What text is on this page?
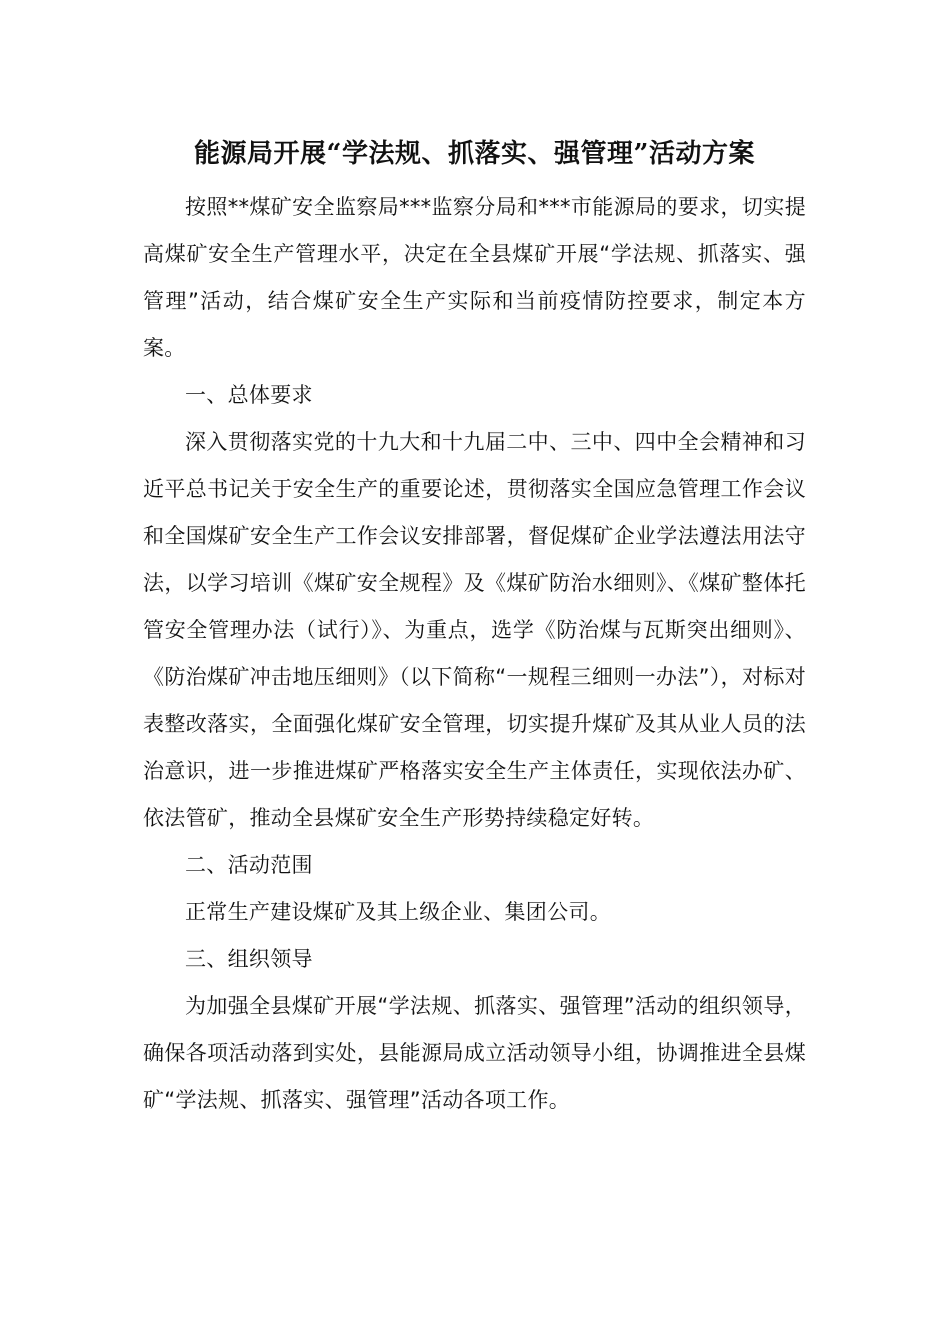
能源局开展“学法规、抓落实、强管理”活动方案

按照**煤矿安全监察局***监察分局和***市能源局的要求，切实提高煤矿安全生产管理水平，决定在全县煤矿开展“学法规、抓落实、强管理”活动，结合煤矿安全生产实际和当前疫情防控要求，制定本方案。

一、总体要求

深入贯彻落实党的十九大和十九届二中、三中、四中全会精神和习近平总书记关于安全生产的重要论述，贯彻落实全国应急管理工作会议和全国煤矿安全生产工作会议安排部署，督促煤矿企业学法遵法用法守法，以学习培训《煤矿安全规程》及《煤矿防治水细则》、《煤矿整体托管安全管理办法（试行）》、为重点，选学《防治煤与瓦斯突出细则》、《防治煤矿冲击地压细则》（以下简称“一规程三细则一办法”），对标对表整改落实，全面强化煤矿安全管理，切实提升煤矿及其从业人员的法治意识，进一步推进煤矿严格落实安全生产主体责任，实现依法办矿、依法管矿，推动全县煤矿安全生产形势持续稳定好转。

二、活动范围

正常生产建设煤矿及其上级企业、集团公司。

三、组织领导

为加强全县煤矿开展“学法规、抓落实、强管理”活动的组织领导，确保各项活动落到实处，县能源局成立活动领导小组，协调推进全县煤矿“学法规、抓落实、强管理”活动各项工作。
